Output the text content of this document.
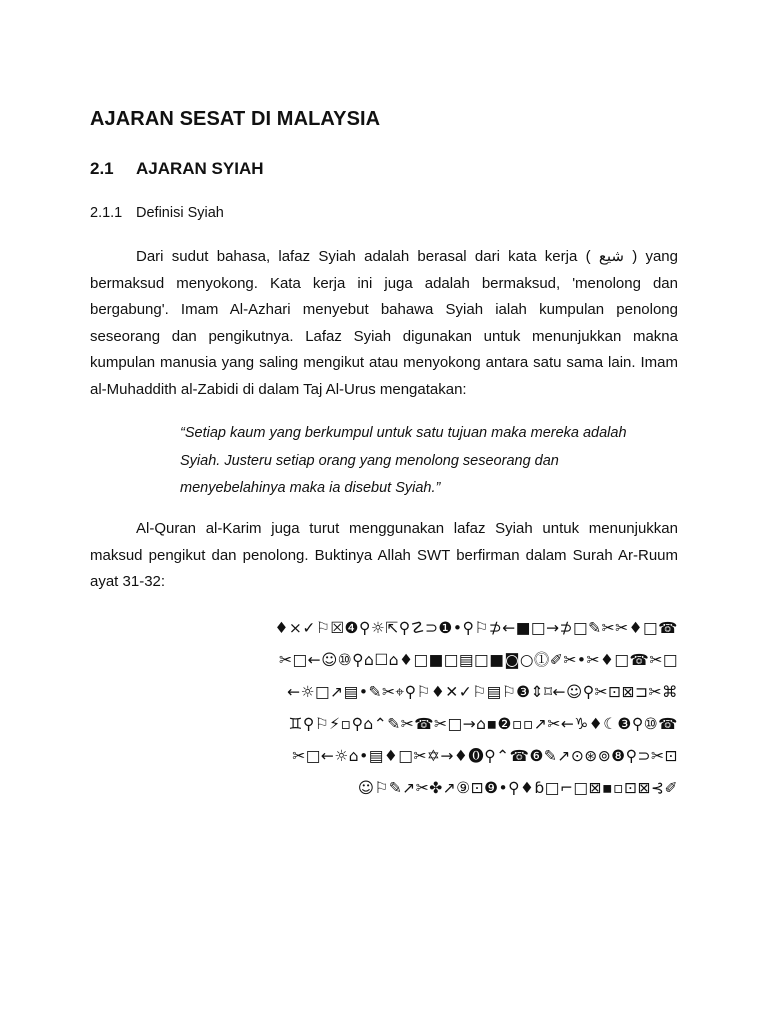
AJARAN SESAT DI MALAYSIA
2.1	AJARAN SYIAH
2.1.1 Definisi Syiah

Dari sudut bahasa, lafaz Syiah adalah berasal dari kata kerja ( شيع ) yang bermaksud menyokong. Kata kerja ini juga adalah bermaksud, 'menolong dan bergabung'. Imam Al-Azhari menyebut bahawa Syiah ialah kumpulan penolong seseorang dan pengikutnya. Lafaz Syiah digunakan untuk menunjukkan makna kumpulan manusia yang saling mengikut atau menyokong antara satu sama lain. Imam al-Muhaddith al-Zabidi di dalam Taj Al-Urus mengatakan:

“Setiap kaum yang berkumpul untuk satu tujuan maka mereka adalah
Syiah. Justeru setiap orang yang menolong seseorang dan
menyebelahinya maka ia disebut Syiah.”

Al-Quran al-Karim juga turut menggunakan lafaz Syiah untuk menunjukkan maksud pengikut dan penolong. Buktinya Allah SWT berfirman dalam Surah Ar-Ruum ayat 31-32:

♦×✓⚐☒❹⚲☼⇱⚲☡⊃❶•⚲⚐⊅←■□→⊅□✎✂✂♦□☎
✂□←☺⑩⚲⌂☐⌂♦□■□▤□■◙○⓵✐✂•✂♦□☎✂□
←☼□↗▤•✎✂⌖⚲⚐♦✕✓⚐▤⚐❸⇕⌑←☺⚲✂⊡⊠⊐✂⌘
♊⚲⚐⚡▫⚲⌂⌃✎✂☎✂□→⌂▪❷▫▫↗✂←♑♦☾❸⚲⑩☎
✂□←☼⌂•▤♦□✂✡→♦⓿⚲⌃☎❻✎↗⊙⊛⊚❽⚲⊃✂⊡
☺⚐✎↗✂✤↗⑨⊡❾•⚲♦ɓ□⌐□⊠▪▫⊡⊠⊰✐
